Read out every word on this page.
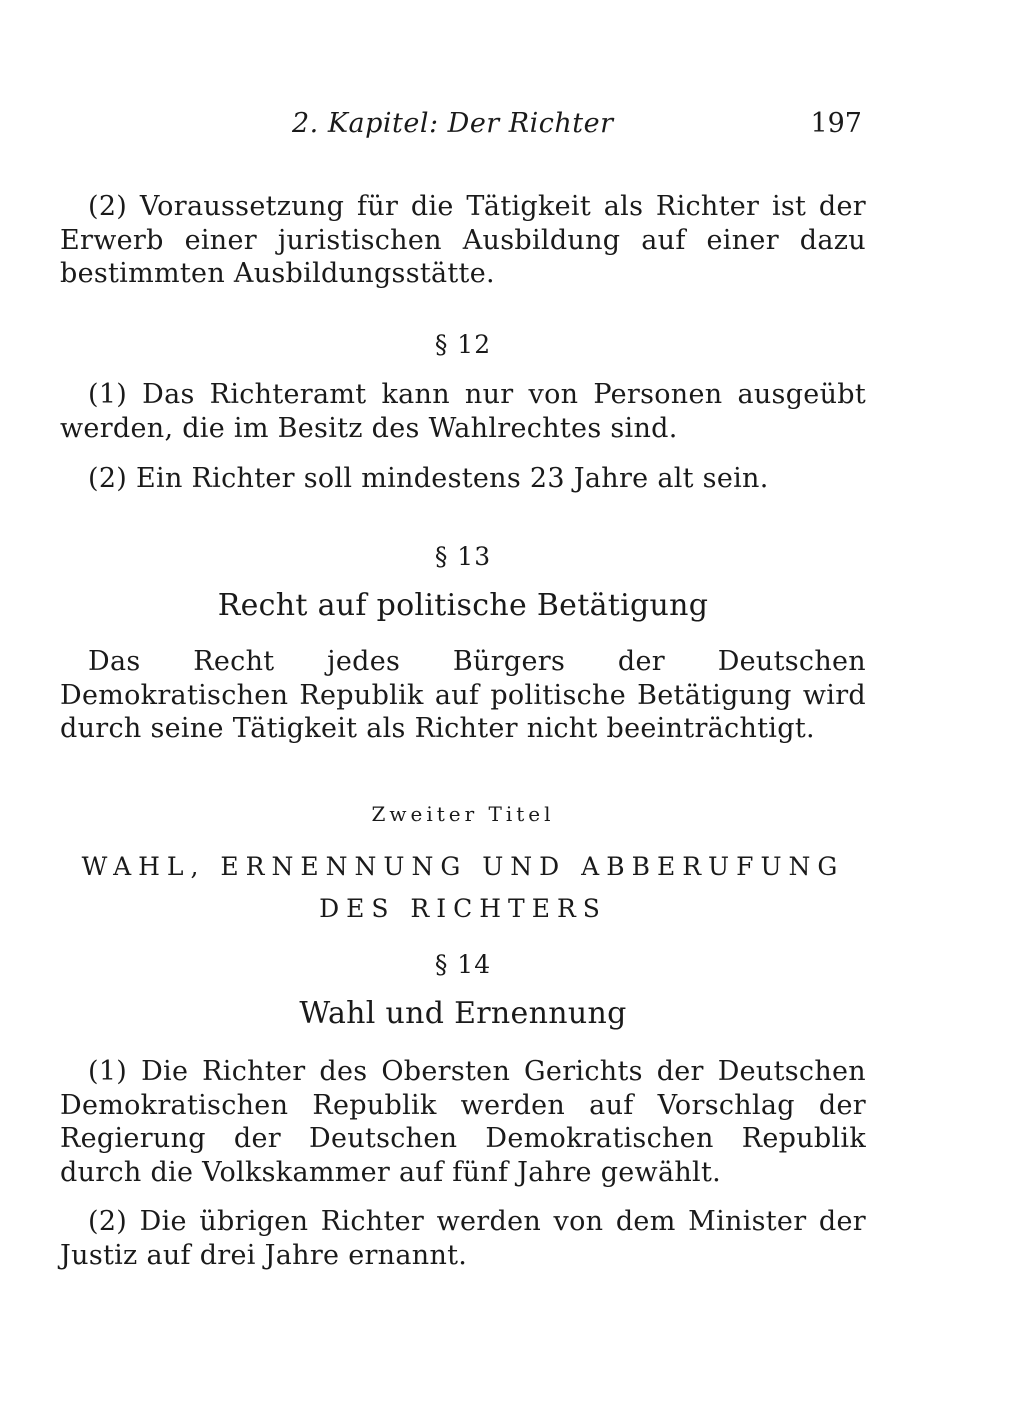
2. Kapitel: Der Richter	197

(2) Voraussetzung für die Tätigkeit als Richter ist der Erwerb einer juristischen Ausbildung auf einer dazu bestimmten Ausbildungsstätte.

§ 12

(1) Das Richteramt kann nur von Personen ausgeübt werden, die im Besitz des Wahlrechtes sind.

(2) Ein Richter soll mindestens 23 Jahre alt sein.

§ 13

Recht auf politische Betätigung

Das Recht jedes Bürgers der Deutschen Demokratischen Republik auf politische Betätigung wird durch seine Tätigkeit als Richter nicht beeinträchtigt.

Zweiter Titel

WAHL, ERNENNUNG UND ABBERUFUNG

DES RICHTERS

§ 14

Wahl und Ernennung

(1) Die Richter des Obersten Gerichts der Deutschen Demokratischen Republik werden auf Vorschlag der Regierung der Deutschen Demokratischen Republik durch die Volkskammer auf fünf Jahre gewählt.

(2) Die übrigen Richter werden von dem Minister der Justiz auf drei Jahre ernannt.
